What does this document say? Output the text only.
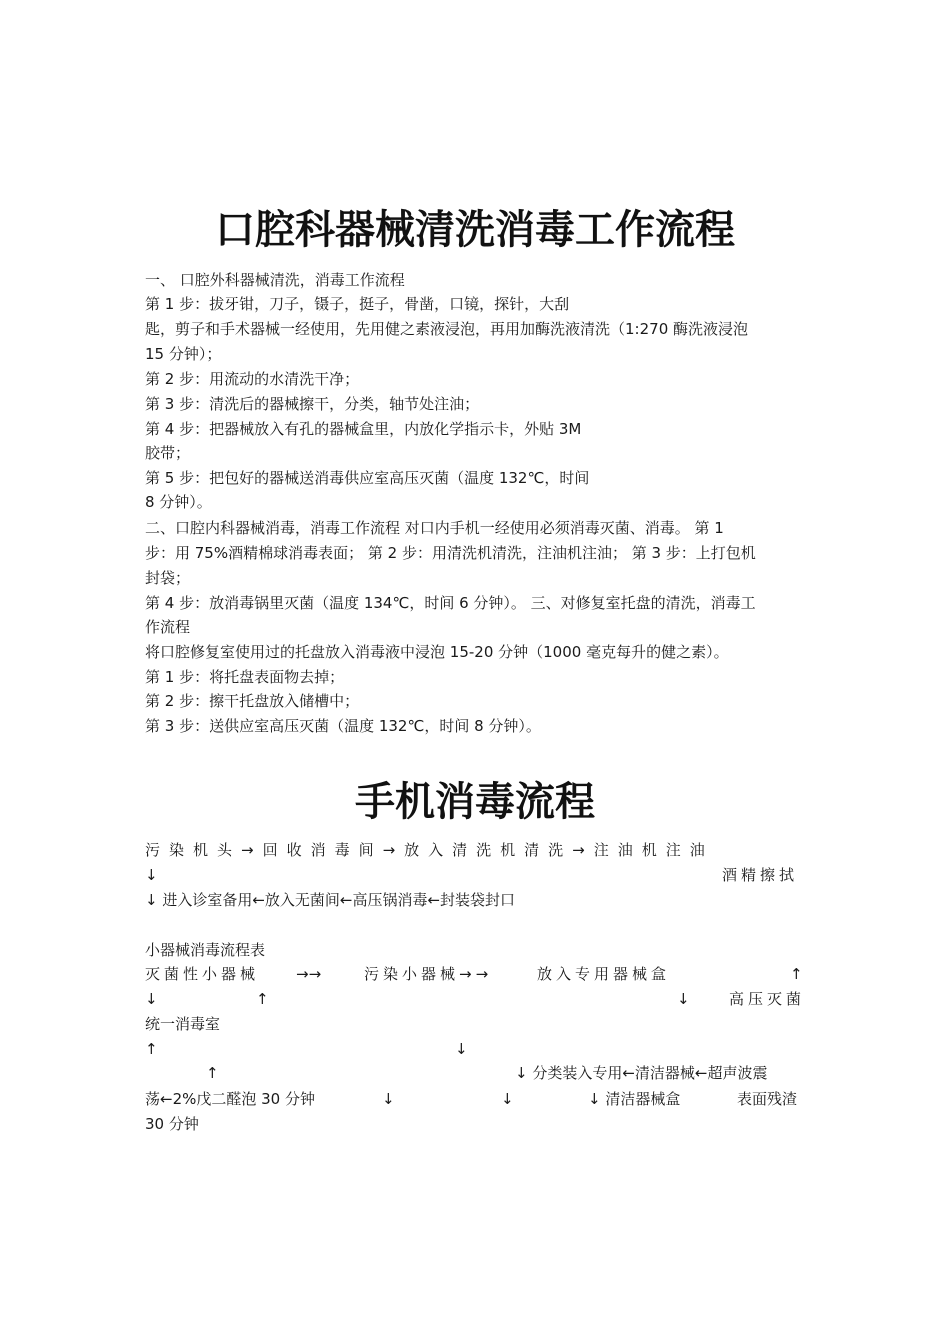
口腔科器械清洗消毒工作流程
一、 口腔外科器械清洗，消毒工作流程
第 1 步：拔牙钳，刀子，镊子，挺子，骨凿，口镜，探针，大刮
匙，剪子和手术器械一经使用，先用健之素液浸泡，再用加酶洗液清洗（1:270 酶洗液浸泡
15 分钟）；
第 2 步：用流动的水清洗干净；
第 3 步：清洗后的器械擦干，分类，轴节处注油；
第 4 步：把器械放入有孔的器械盒里，内放化学指示卡，外贴 3M
胶带；
第 5 步：把包好的器械送消毒供应室高压灭菌（温度 132℃，时间
8 分钟）。
二、口腔内科器械消毒，消毒工作流程 对口内手机一经使用必须消毒灭菌、消毒。 第 1
步：用 75%酒精棉球消毒表面； 第 2 步：用清洗机清洗，注油机注油； 第 3 步：上打包机
封袋；
第 4 步：放消毒锅里灭菌（温度 134℃，时间 6 分钟）。 三、对修复室托盘的清洗，消毒工
作流程
将口腔修复室使用过的托盘放入消毒液中浸泡 15-20 分钟（1000 毫克每升的健之素）。
第 1 步：将托盘表面物去掉；
第 2 步：擦干托盘放入储槽中；
第 3 步：送供应室高压灭菌（温度 132℃，时间 8 分钟）。
手机消毒流程
污染机头→回收消毒间→放入清洗机清洗→注油机注油
↓	酒精擦拭
↓ 进入诊室备用←放入无菌间←高压锅消毒←封装袋封口
小器械消毒流程表
灭菌性小器械 →→	污染小器械→→	放入专用器械盒	↑
↓	↑	↓	高压灭菌
统一消毒室
↑	↓
↑	↓ 分类装入专用←清洁器械←超声波震
荡←2%戊二醛泡 30 分钟	↓	↓	↓ 清洁器械盒	表面残渣
30 分钟
